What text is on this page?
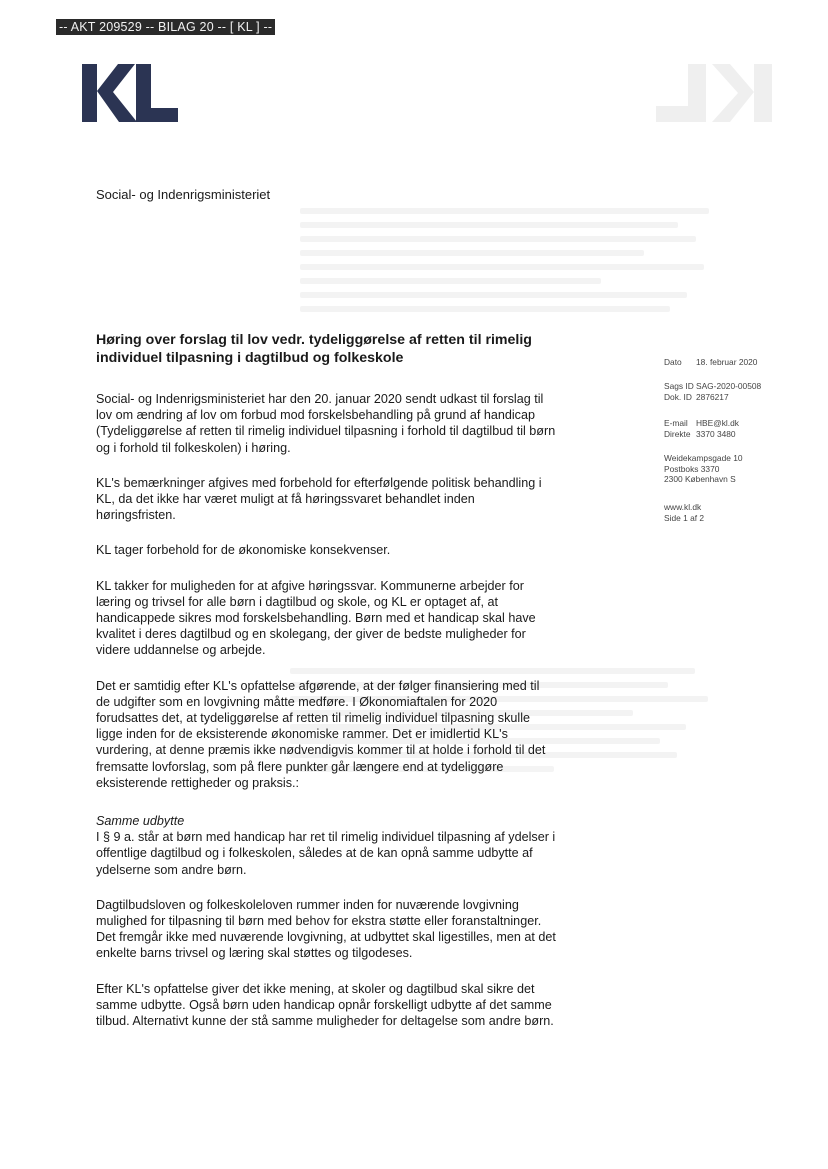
-- AKT 209529 -- BILAG 20 -- [ KL ] --
Social- og Indenrigsministeriet
Høring over forslag til lov vedr. tydeliggørelse af retten til rimelig individuel tilpasning i dagtilbud og folkeskole	Dato 18. februar 2020
Sags ID SAG-2020-00508
Dok. ID 2876217
E-mail HBE@kl.dk
Direkte 3370 3480
Weidekampsgade 10
Postboks 3370
2300 København S
www.kl.dk
Side 1 af 2

Social- og Indenrigsministeriet har den 20. januar 2020 sendt udkast til forslag til lov om ændring af lov om forbud mod forskelsbehandling på grund af handicap (Tydeliggørelse af retten til rimelig individuel tilpasning i forhold til dagtilbud til børn og i forhold til folkeskolen) i høring.

KL's bemærkninger afgives med forbehold for efterfølgende politisk behandling i KL, da det ikke har været muligt at få høringssvaret behandlet inden høringsfristen.

KL tager forbehold for de økonomiske konsekvenser.

KL takker for muligheden for at afgive høringssvar. Kommunerne arbejder for læring og trivsel for alle børn i dagtilbud og skole, og KL er optaget af, at handicappede sikres mod forskelsbehandling. Børn med et handicap skal have kvalitet i deres dagtilbud og en skolegang, der giver de bedste muligheder for videre uddannelse og arbejde.

Det er samtidig efter KL's opfattelse afgørende, at der følger finansiering med til de udgifter som en lovgivning måtte medføre. I Økonomiaftalen for 2020 forudsattes det, at tydeliggørelse af retten til rimelig individuel tilpasning skulle ligge inden for de eksisterende økonomiske rammer. Det er imidlertid KL's vurdering, at denne præmis ikke nødvendigvis kommer til at holde i forhold til det fremsatte lovforslag, som på flere punkter går længere end at tydeliggøre eksisterende rettigheder og praksis.:

Samme udbytte

I § 9 a. står at børn med handicap har ret til rimelig individuel tilpasning af ydelser i offentlige dagtilbud og i folkeskolen, således at de kan opnå samme udbytte af ydelserne som andre børn.

Dagtilbudsloven og folkeskoleloven rummer inden for nuværende lovgivning mulighed for tilpasning til børn med behov for ekstra støtte eller foranstaltninger. Det fremgår ikke med nuværende lovgivning, at udbyttet skal ligestilles, men at det enkelte barns trivsel og læring skal støttes og tilgodeses.

Efter KL's opfattelse giver det ikke mening, at skoler og dagtilbud skal sikre det samme udbytte. Også børn uden handicap opnår forskelligt udbytte af det samme tilbud. Alternativt kunne der stå samme muligheder for deltagelse som andre børn.
